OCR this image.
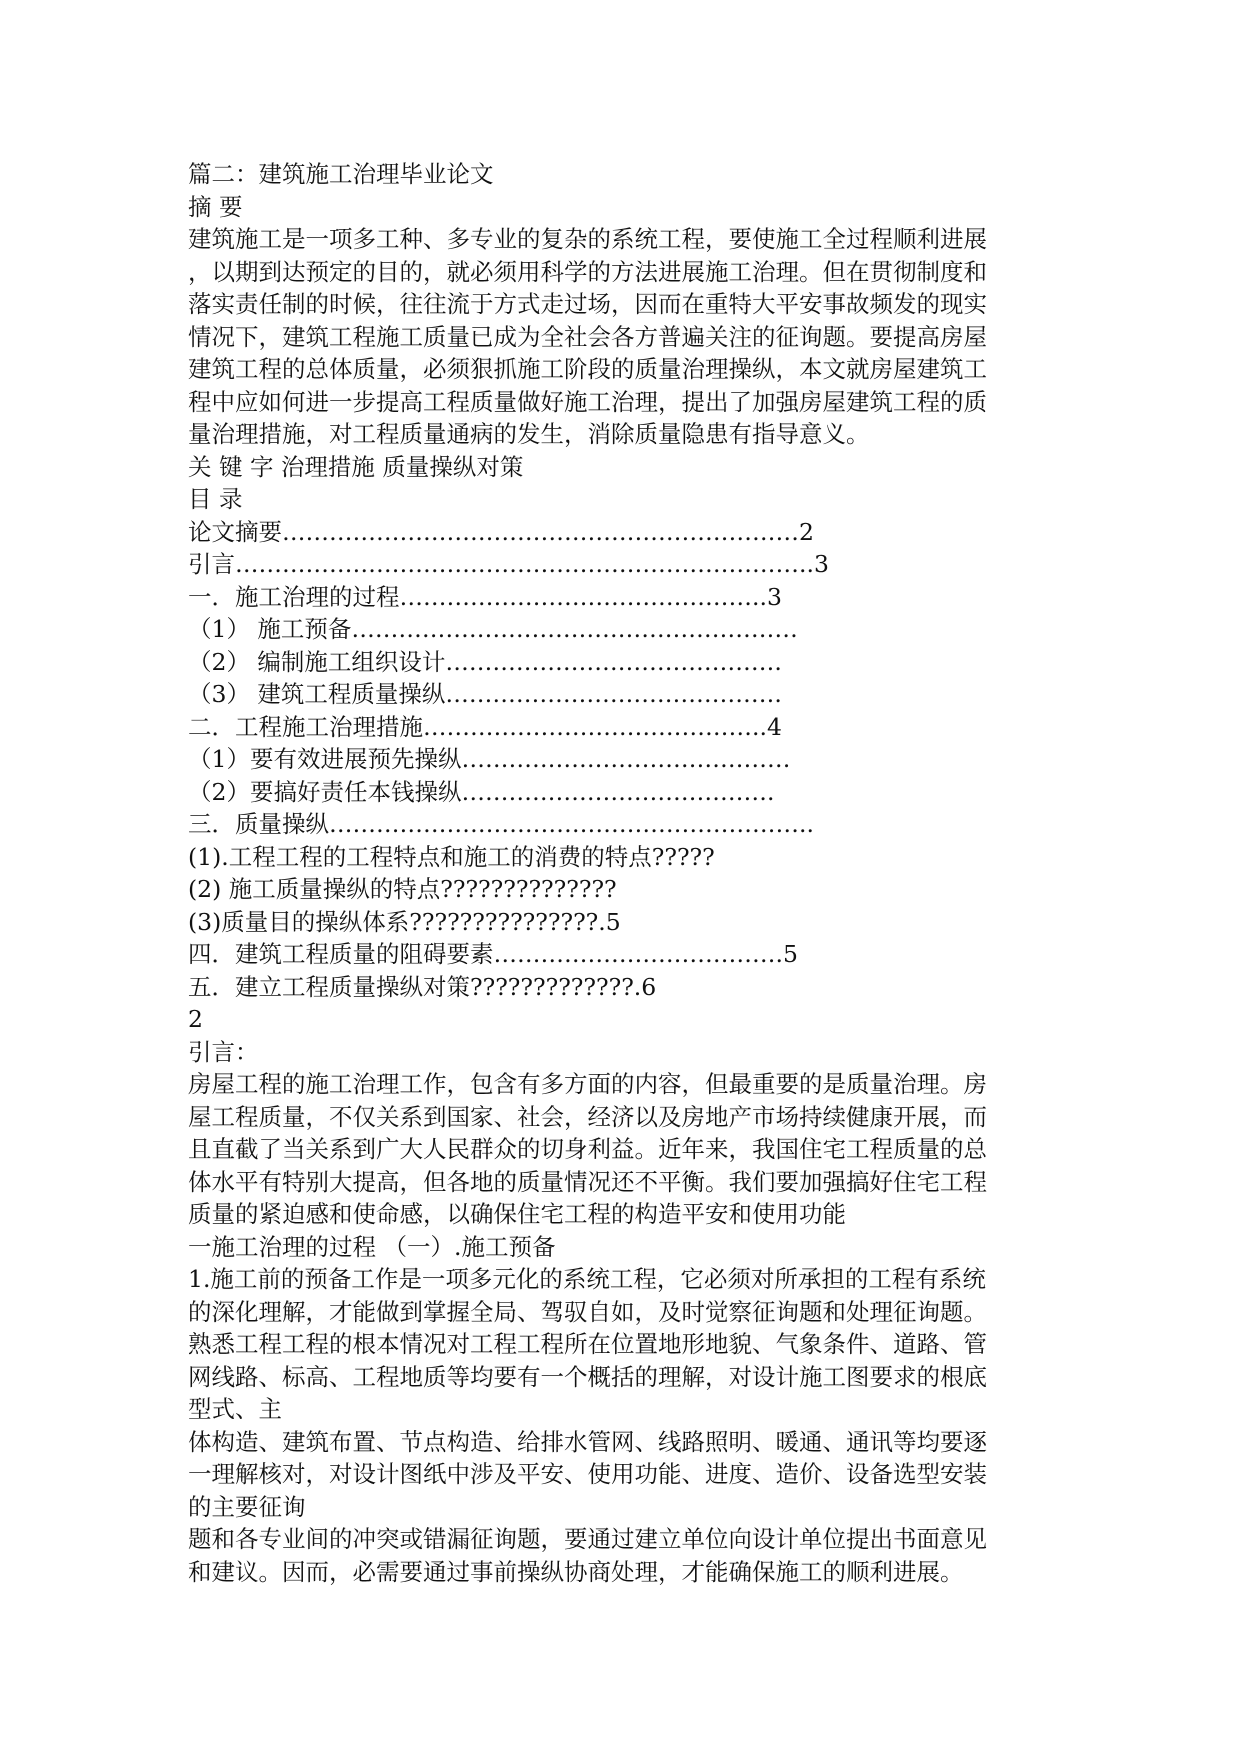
篇二：建筑施工治理毕业论文
摘 要
建筑施工是一项多工种、多专业的复杂的系统工程，要使施工全过程顺利进展
，以期到达预定的目的，就必须用科学的方法进展施工治理。但在贯彻制度和
落实责任制的时候，往往流于方式走过场，因而在重特大平安事故频发的现实
情况下，建筑工程施工质量已成为全社会各方普遍关注的征询题。要提高房屋
建筑工程的总体质量，必须狠抓施工阶段的质量治理操纵，本文就房屋建筑工
程中应如何进一步提高工程质量做好施工治理，提出了加强房屋建筑工程的质
量治理措施，对工程质量通病的发生，消除质量隐患有指导意义。
关 键 字 治理措施 质量操纵对策
目 录
论文摘要…………………………………………………………2
引言………………………………………………………………..3
一．施工治理的过程………………………………………..3
（1） 施工预备…………………………………………………
（2） 编制施工组织设计…………………………………….
（3） 建筑工程质量操纵…………………………………….
二．工程施工治理措施……………………………………..4
（1）要有效进展预先操纵……………………………………
（2）要搞好责任本钱操纵………………………………….
三．质量操纵……………………………………………………..
(1).工程工程的工程特点和施工的消费的特点?????
(2) 施工质量操纵的特点??????????????
(3)质量目的操纵体系???????????????.5
四．建筑工程质量的阻碍要素……………………………….5
五．建立工程质量操纵对策?????????????.6
2
引言：
房屋工程的施工治理工作，包含有多方面的内容，但最重要的是质量治理。房
屋工程质量，不仅关系到国家、社会，经济以及房地产市场持续健康开展，而
且直截了当关系到广大人民群众的切身利益。近年来，我国住宅工程质量的总
体水平有特别大提高，但各地的质量情况还不平衡。我们要加强搞好住宅工程
质量的紧迫感和使命感，以确保住宅工程的构造平安和使用功能
一施工治理的过程 （一）.施工预备
1.施工前的预备工作是一项多元化的系统工程，它必须对所承担的工程有系统
的深化理解，才能做到掌握全局、驾驭自如，及时觉察征询题和处理征询题。
熟悉工程工程的根本情况对工程工程所在位置地形地貌、气象条件、道路、管
网线路、标高、工程地质等均要有一个概括的理解，对设计施工图要求的根底
型式、主
体构造、建筑布置、节点构造、给排水管网、线路照明、暖通、通讯等均要逐
一理解核对，对设计图纸中涉及平安、使用功能、进度、造价、设备选型安装
的主要征询
题和各专业间的冲突或错漏征询题，要通过建立单位向设计单位提出书面意见
和建议。因而，必需要通过事前操纵协商处理，才能确保施工的顺利进展。
